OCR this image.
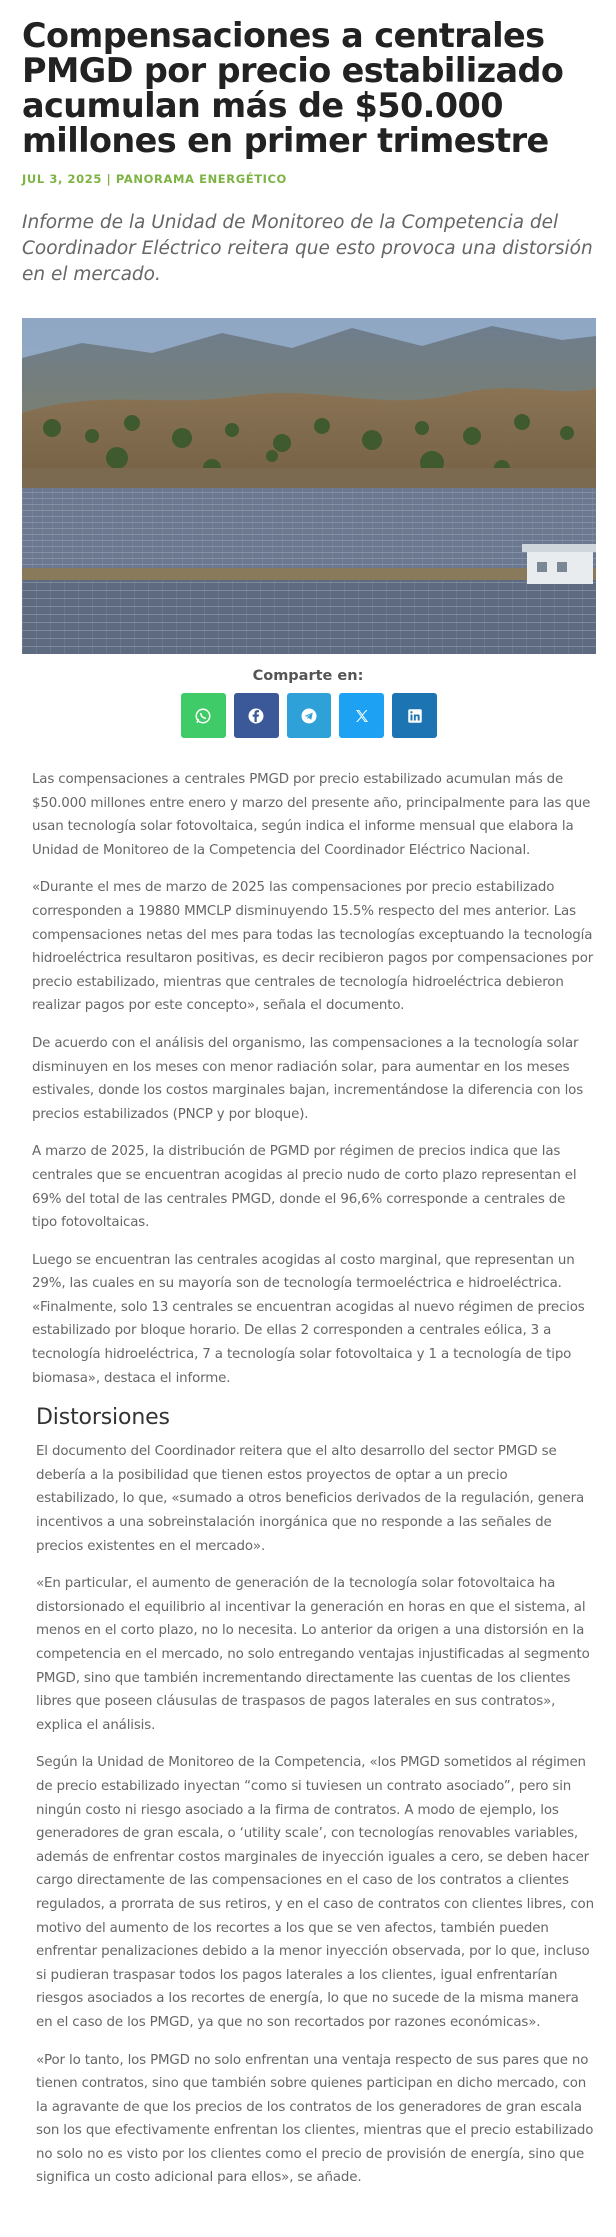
Compensaciones a centrales PMGD por precio estabilizado acumulan más de $50.000 millones en primer trimestre
JUL 3, 2025 | PANORAMA ENERGÉTICO
Informe de la Unidad de Monitoreo de la Competencia del Coordinador Eléctrico reitera que esto provoca una distorsión en el mercado.
Comparte en:

Las compensaciones a centrales PMGD por precio estabilizado acumulan más de $50.000 millones entre enero y marzo del presente año, principalmente para las que usan tecnología solar fotovoltaica, según indica el informe mensual que elabora la Unidad de Monitoreo de la Competencia del Coordinador Eléctrico Nacional.

«Durante el mes de marzo de 2025 las compensaciones por precio estabilizado corresponden a 19880 MMCLP disminuyendo 15.5% respecto del mes anterior. Las compensaciones netas del mes para todas las tecnologías exceptuando la tecnología hidroeléctrica resultaron positivas, es decir recibieron pagos por compensaciones por precio estabilizado, mientras que centrales de tecnología hidroeléctrica debieron realizar pagos por este concepto», señala el documento.

De acuerdo con el análisis del organismo, las compensaciones a la tecnología solar disminuyen en los meses con menor radiación solar, para aumentar en los meses estivales, donde los costos marginales bajan, incrementándose la diferencia con los precios estabilizados (PNCP y por bloque).

A marzo de 2025, la distribución de PGMD por régimen de precios indica que las centrales que se encuentran acogidas al precio nudo de corto plazo representan el 69% del total de las centrales PMGD, donde el 96,6% corresponde a centrales de tipo fotovoltaicas.

Luego se encuentran las centrales acogidas al costo marginal, que representan un 29%, las cuales en su mayoría son de tecnología termoeléctrica e hidroeléctrica. «Finalmente, solo 13 centrales se encuentran acogidas al nuevo régimen de precios estabilizado por bloque horario. De ellas 2 corresponden a centrales eólica, 3 a tecnología hidroeléctrica, 7 a tecnología solar fotovoltaica y 1 a tecnología de tipo biomasa», destaca el informe.

Distorsiones

El documento del Coordinador reitera que el alto desarrollo del sector PMGD se debería a la posibilidad que tienen estos proyectos de optar a un precio estabilizado, lo que, «sumado a otros beneficios derivados de la regulación, genera incentivos a una sobreinstalación inorgánica que no responde a las señales de precios existentes en el mercado».

«En particular, el aumento de generación de la tecnología solar fotovoltaica ha distorsionado el equilibrio al incentivar la generación en horas en que el sistema, al menos en el corto plazo, no lo necesita. Lo anterior da origen a una distorsión en la competencia en el mercado, no solo entregando ventajas injustificadas al segmento PMGD, sino que también incrementando directamente las cuentas de los clientes libres que poseen cláusulas de traspasos de pagos laterales en sus contratos», explica el análisis.

Según la Unidad de Monitoreo de la Competencia, «los PMGD sometidos al régimen de precio estabilizado inyectan “como si tuviesen un contrato asociado”, pero sin ningún costo ni riesgo asociado a la firma de contratos. A modo de ejemplo, los generadores de gran escala, o ‘utility scale’, con tecnologías renovables variables, además de enfrentar costos marginales de inyección iguales a cero, se deben hacer cargo directamente de las compensaciones en el caso de los contratos a clientes regulados, a prorrata de sus retiros, y en el caso de contratos con clientes libres, con motivo del aumento de los recortes a los que se ven afectos, también pueden enfrentar penalizaciones debido a la menor inyección observada, por lo que, incluso si pudieran traspasar todos los pagos laterales a los clientes, igual enfrentarían riesgos asociados a los recortes de energía, lo que no sucede de la misma manera en el caso de los PMGD, ya que no son recortados por razones económicas».

«Por lo tanto, los PMGD no solo enfrentan una ventaja respecto de sus pares que no tienen contratos, sino que también sobre quienes participan en dicho mercado, con la agravante de que los precios de los contratos de los generadores de gran escala son los que efectivamente enfrentan los clientes, mientras que el precio estabilizado no solo no es visto por los clientes como el precio de provisión de energía, sino que significa un costo adicional para ellos», se añade.
